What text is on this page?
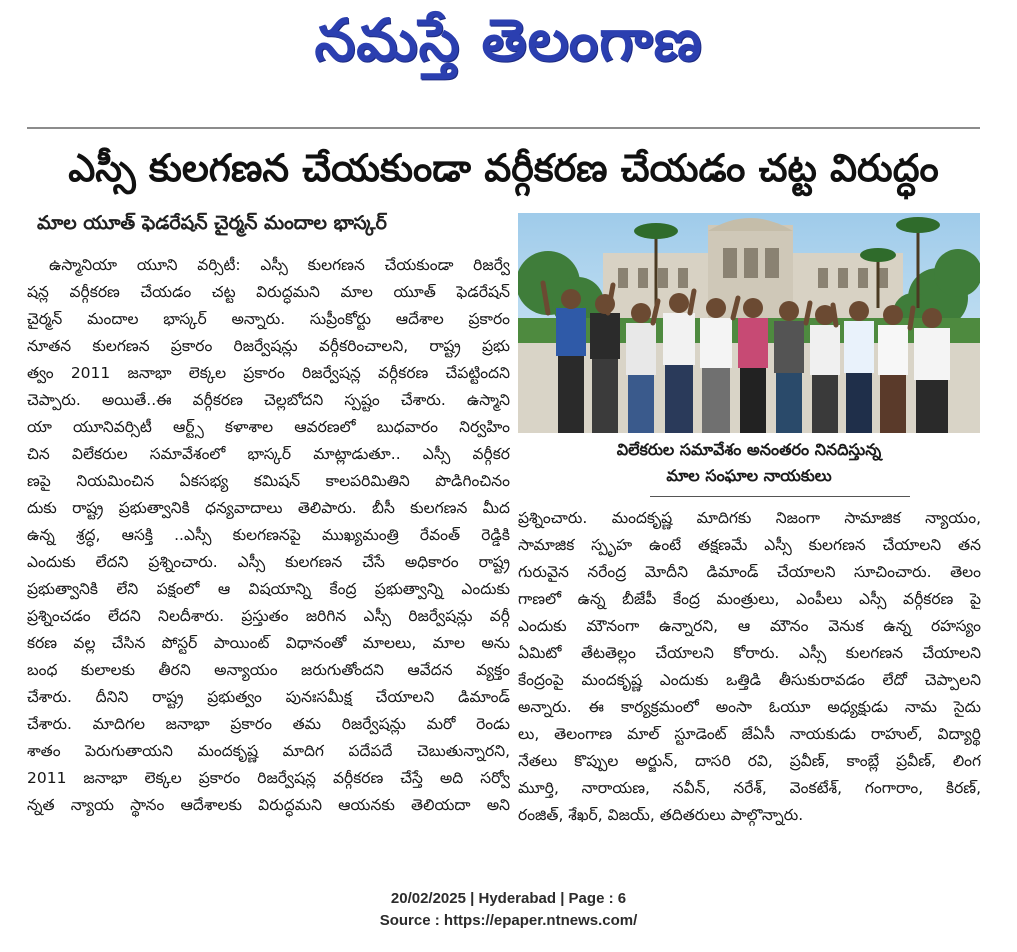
నమస్తే తెలంగాణ

ఎస్సీ కులగణన చేయకుండా వర్గీకరణ చేయడం చట్ట విరుద్ధం
మాల యూత్ ఫెడరేషన్ చైర్మన్ మందాల భాస్కర్
ఉస్మానియా యూని వర్సిటీ: ఎస్సీ కులగణన చేయకుండా రిజర్వే
షన్ల వర్గీకరణ చేయడం చట్ట విరుద్ధమని మాల యూత్ ఫెడరేషన్
చైర్మన్ మందాల భాస్కర్ అన్నారు. సుప్రీంకోర్టు ఆదేశాల ప్రకారం
నూతన కులగణన ప్రకారం రిజర్వేషన్లు వర్గీకరించాలని, రాష్ట్ర ప్రభు
త్వం 2011 జనాభా లెక్కల ప్రకారం రిజర్వేషన్ల వర్గీకరణ చేపట్టిందని
చెప్పారు. అయితే..ఈ వర్గీకరణ చెల్లబోదని స్పష్టం చేశారు. ఉస్మాని
యా యూనివర్సిటీ ఆర్ట్స్ కళాశాల ఆవరణలో బుధవారం నిర్వహిం
చిన విలేకరుల సమావేశంలో భాస్కర్ మాట్లాడుతూ.. ఎస్సీ వర్గీకర
ణపై నియమించిన ఏకసభ్య కమిషన్ కాలపరిమితిని పొడిగించినం
దుకు రాష్ట్ర ప్రభుత్వానికి ధన్యవాదాలు తెలిపారు. బీసీ కులగణన మీద
ఉన్న శ్రద్ధ, ఆసక్తి ..ఎస్సీ కులగణనపై ముఖ్యమంత్రి రేవంత్ రెడ్డికి
ఎందుకు లేదని ప్రశ్నించారు. ఎస్సీ కులగణన చేసే అధికారం రాష్ట్ర
ప్రభుత్వానికి లేని పక్షంలో ఆ విషయాన్ని కేంద్ర ప్రభుత్వాన్ని ఎందుకు
ప్రశ్నించడం లేదని నిలదీశారు. ప్రస్తుతం జరిగిన ఎస్సీ రిజర్వేషన్లు వర్గీ
కరణ వల్ల చేసిన పోస్టర్ పాయింట్ విధానంతో మాలలు, మాల అను
బంధ కులాలకు తీరని అన్యాయం జరుగుతోందని ఆవేదన వ్యక్తం
చేశారు. దీనిని రాష్ట్ర ప్రభుత్వం పునఃసమీక్ష చేయాలని డిమాండ్
చేశారు. మాదిగల జనాభా ప్రకారం తమ రిజర్వేషన్లు మరో రెండు
శాతం పెరుగుతాయని మందకృష్ణ మాదిగ పదేపదే చెబుతున్నారని,
2011 జనాభా లెక్కల ప్రకారం రిజర్వేషన్ల వర్గీకరణ చేస్తే అది సర్వో
న్నత న్యాయ స్థానం ఆదేశాలకు విరుద్ధమని ఆయనకు తెలియదా అని
విలేకరుల సమావేశం అనంతరం నినదిస్తున్న
మాల సంఘాల నాయకులు
ప్రశ్నించారు. మందకృష్ణ మాదిగకు నిజంగా సామాజిక న్యాయం,
సామాజిక స్పృహ ఉంటే తక్షణమే ఎస్సీ కులగణన చేయాలని తన
గురువైన నరేంద్ర మోదీని డిమాండ్ చేయాలని సూచించారు. తెలం
గాణలో ఉన్న బీజేపీ కేంద్ర మంత్రులు, ఎంపీలు ఎస్సీ వర్గీకరణ పై
ఎందుకు మౌనంగా ఉన్నారని, ఆ మౌనం వెనుక ఉన్న రహస్యం
ఏమిటో తేటతెల్లం చేయాలని కోరారు. ఎస్సీ కులగణన చేయాలని
కేంద్రంపై మందకృష్ణ ఎందుకు ఒత్తిడి తీసుకురావడం లేదో చెప్పాలని
అన్నారు. ఈ కార్యక్రమంలో అంసా ఓయూ అధ్యక్షుడు నామ సైదు
లు, తెలంగాణ మాల్ స్టూడెంట్ జేఏసీ నాయకుడు రాహుల్, విద్యార్థి
నేతలు కొప్పుల అర్జున్, దాసరి రవి, ప్రవీణ్, కాంబ్లే ప్రవీణ్, లింగ
మూర్తి, నారాయణ, నవీన్, నరేశ్, వెంకటేశ్, గంగారాం, కిరణ్,
రంజిత్, శేఖర్, విజయ్, తదితరులు పాల్గొన్నారు.
20/02/2025 | Hyderabad | Page : 6
Source : https://epaper.ntnews.com/
